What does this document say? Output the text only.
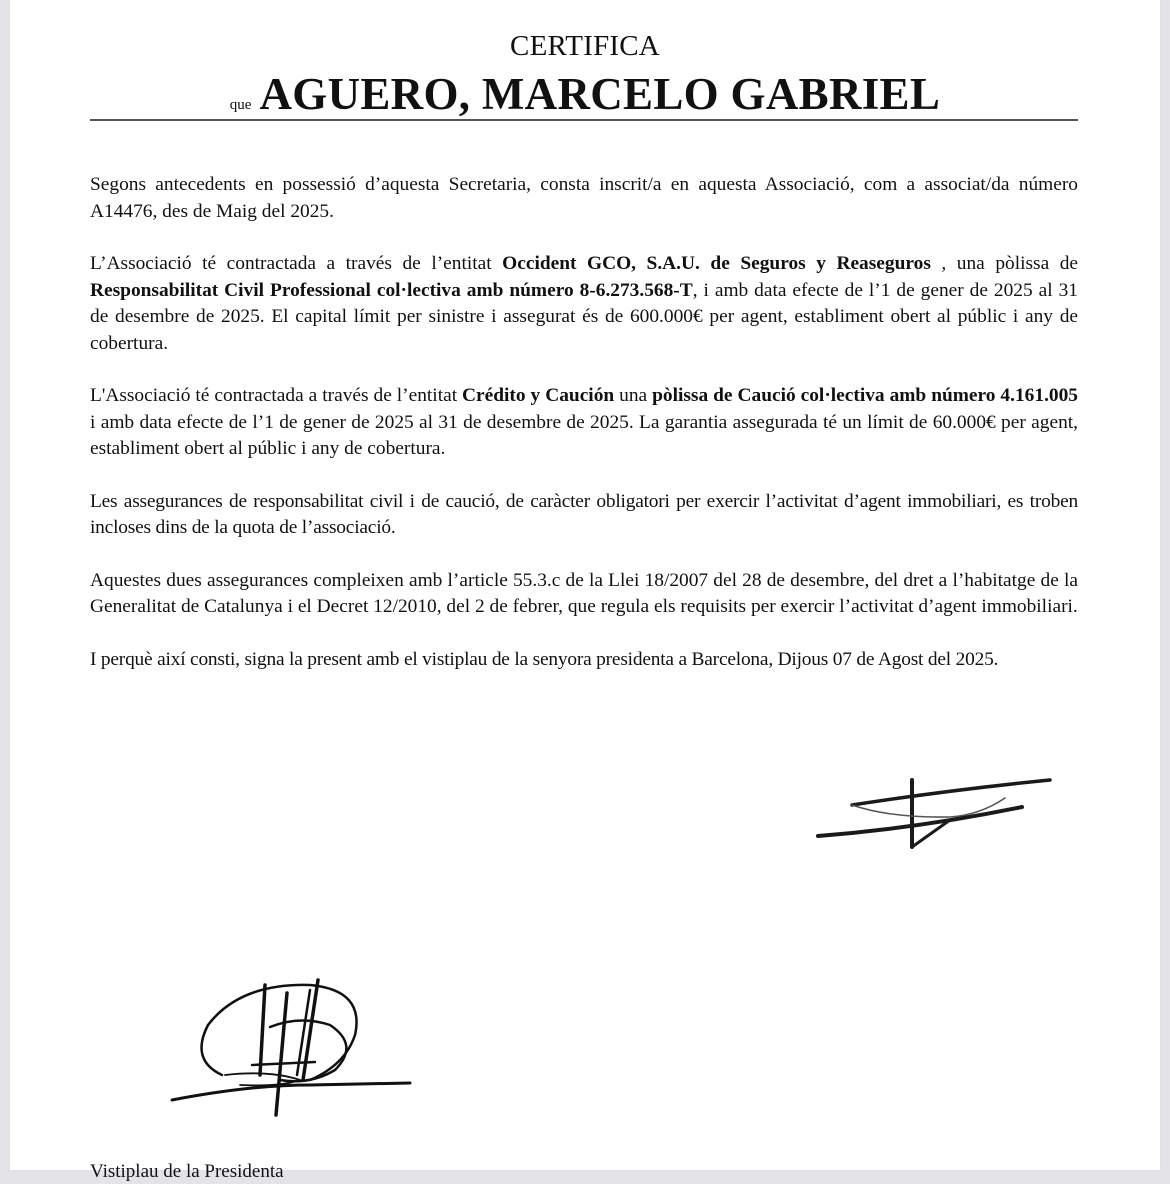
CERTIFICA
que AGUERO, MARCELO GABRIEL

Segons antecedents en possessió d’aquesta Secretaria, consta inscrit/a en aquesta Associació, com a associat/da número A14476, des de Maig del 2025.

L’Associació té contractada a través de l’entitat Occident GCO, S.A.U. de Seguros y Reaseguros , una pòlissa de Responsabilitat Civil Professional col·lectiva amb número 8-6.273.568-T, i amb data efecte de l’1 de gener de 2025 al 31 de desembre de 2025. El capital límit per sinistre i assegurat és de 600.000€ per agent, establiment obert al públic i any de cobertura.

L'Associació té contractada a través de l’entitat Crédito y Caución una pòlissa de Caució col·lectiva amb número 4.161.005 i amb data efecte de l’1 de gener de 2025 al 31 de desembre de 2025. La garantia assegurada té un límit de 60.000€ per agent, establiment obert al públic i any de cobertura.

Les assegurances de responsabilitat civil i de caució, de caràcter obligatori per exercir l’activitat d’agent immobiliari, es troben incloses dins de la quota de l’associació.

Aquestes dues assegurances compleixen amb l’article 55.3.c de la Llei 18/2007 del 28 de desembre, del dret a l’habitatge de la Generalitat de Catalunya i el Decret 12/2010, del 2 de febrer, que regula els requisits per exercir l’activitat d’agent immobiliari.

I perquè així consti, signa la present amb el vistiplau de la senyora presidenta a Barcelona, Dijous 07 de Agost del 2025.

Vistiplau de la Presidenta
